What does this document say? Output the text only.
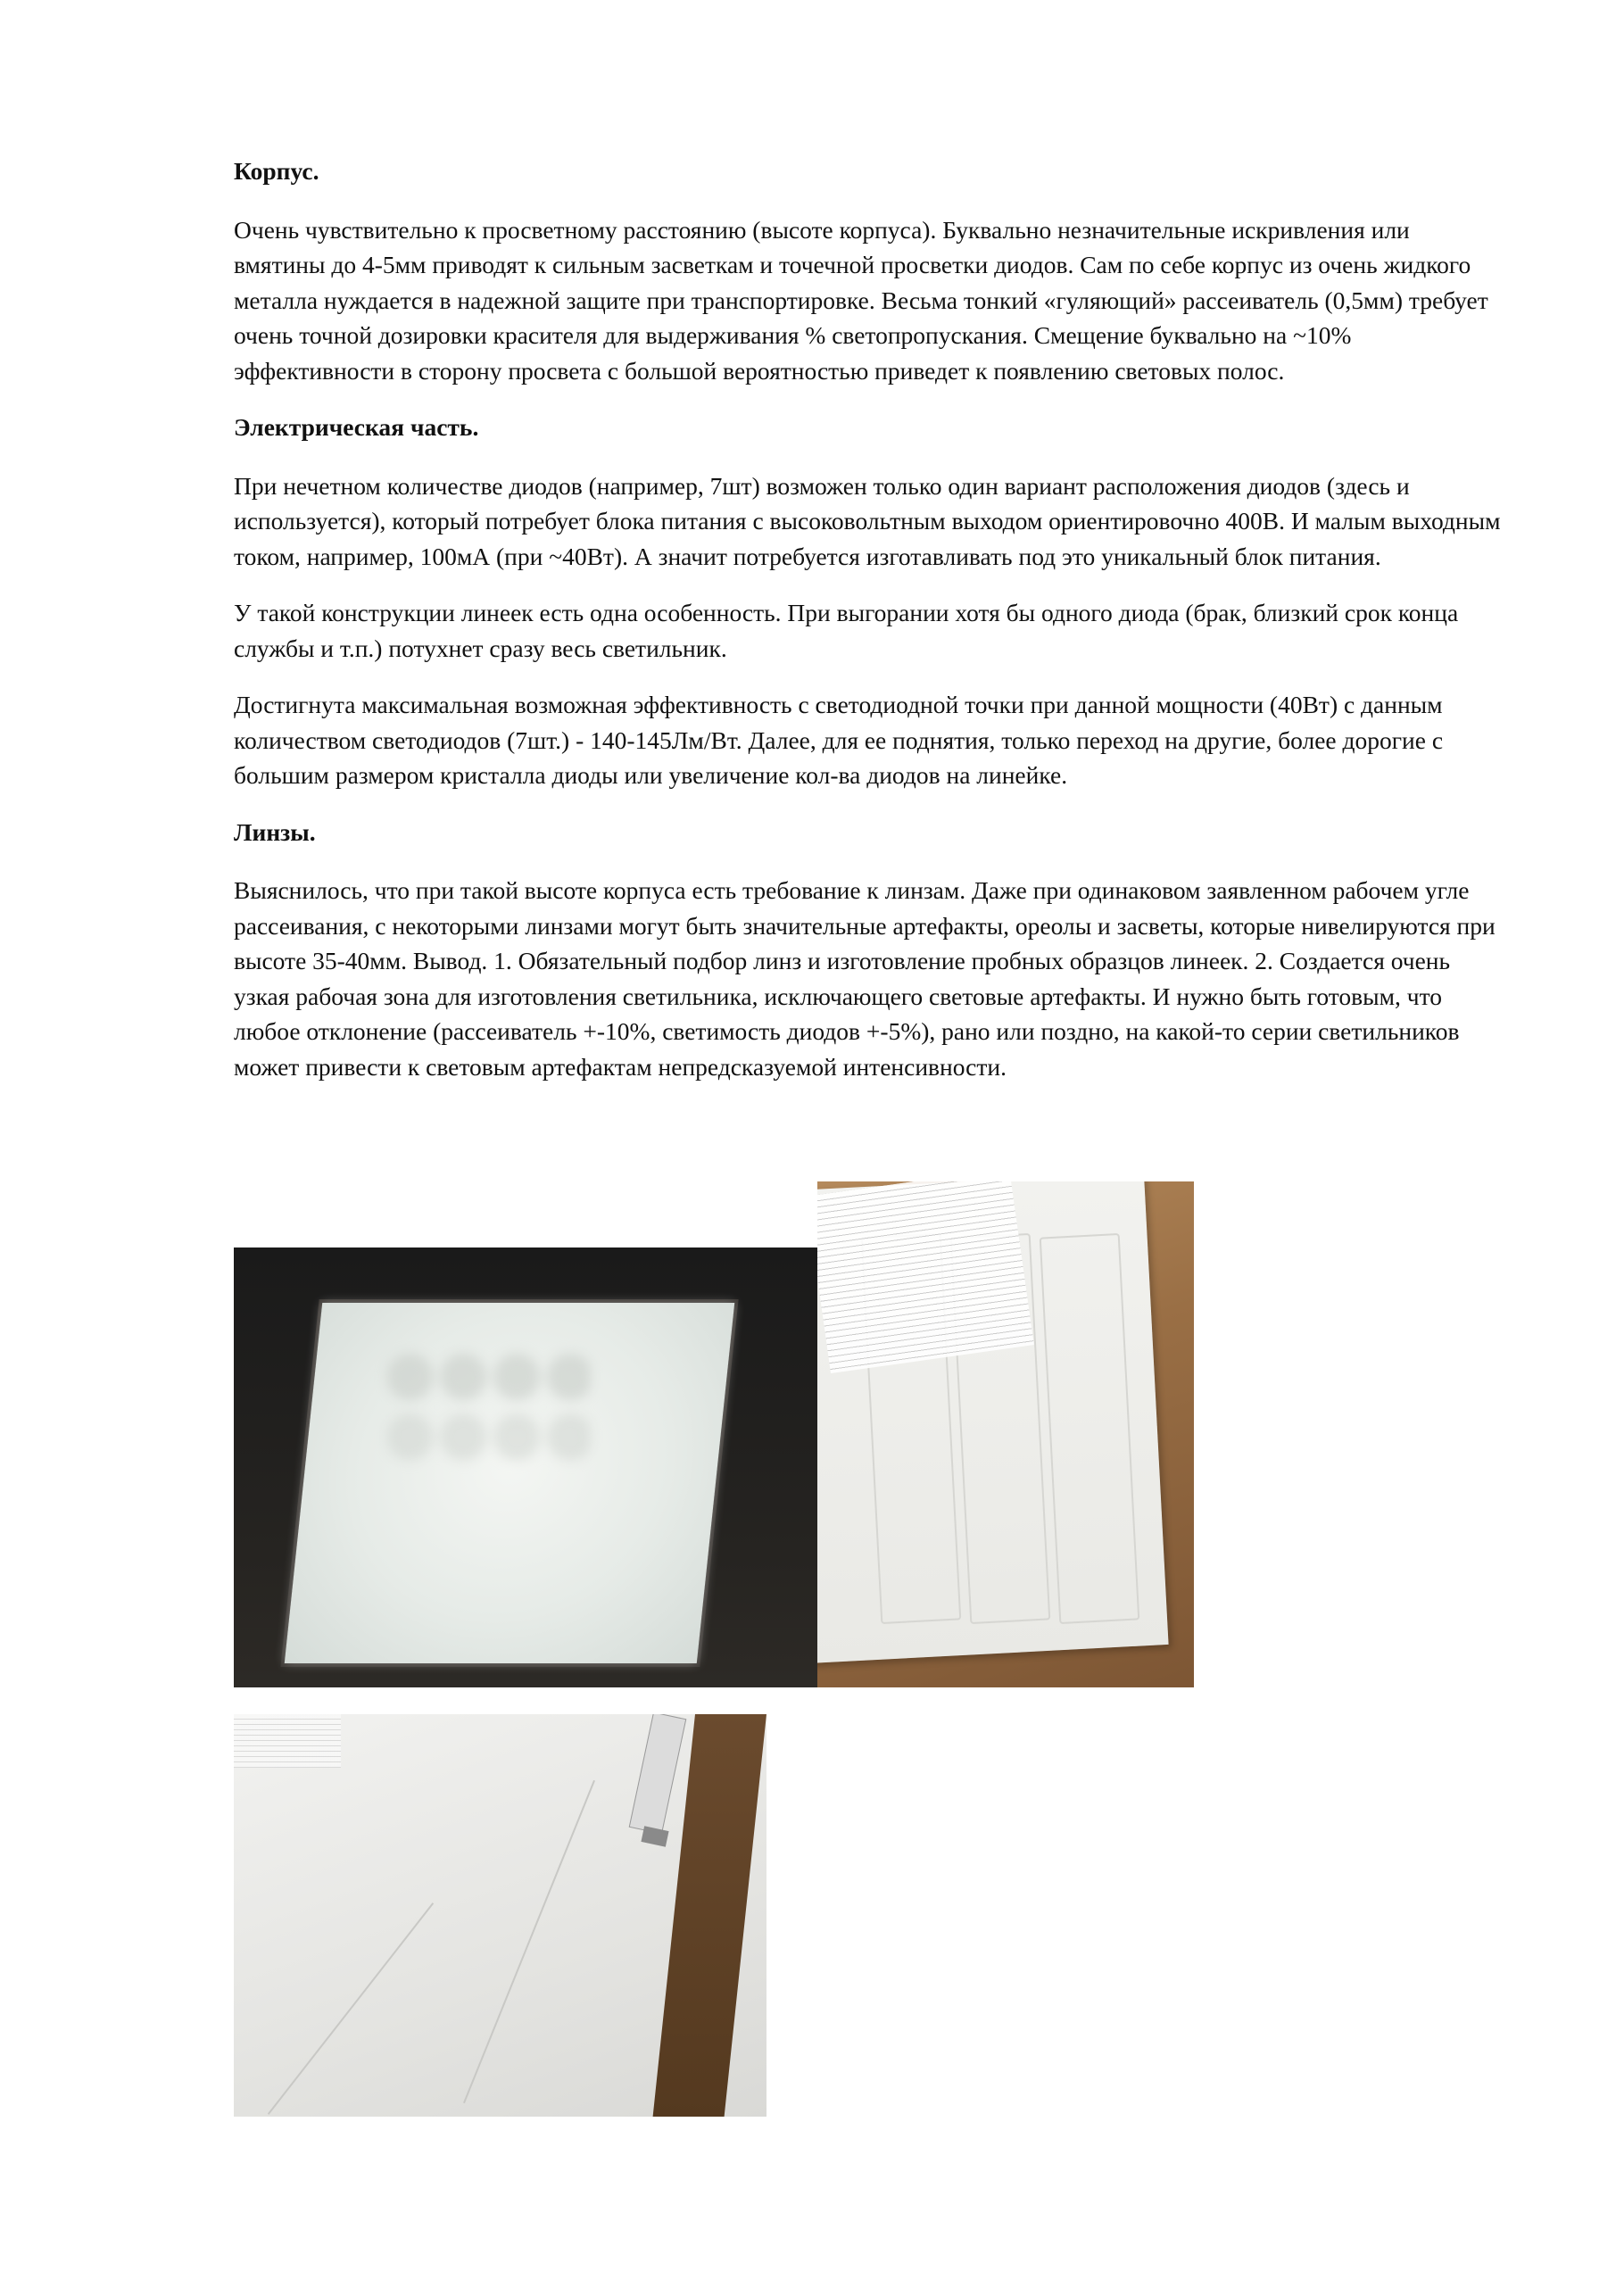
Корпус.

Очень чувствительно к просветному расстоянию (высоте корпуса). Буквально незначительные искривления или вмятины до 4-5мм приводят к сильным засветкам и точечной просветки диодов. Сам по себе корпус из очень жидкого металла нуждается в надежной защите при транспортировке. Весьма тонкий «гуляющий» рассеиватель (0,5мм) требует очень точной дозировки красителя для выдерживания % светопропускания. Смещение буквально на ~10% эффективности в сторону просвета с большой вероятностью приведет к появлению световых полос.

Электрическая часть.

При нечетном количестве диодов (например, 7шт) возможен только один вариант расположения диодов (здесь и используется), который потребует блока питания с высоковольтным выходом ориентировочно 400В. И малым выходным током, например, 100мА (при ~40Вт). А значит потребуется изготавливать под это уникальный блок питания.

У такой конструкции линеек есть одна особенность. При выгорании хотя бы одного диода (брак, близкий срок конца службы и т.п.) потухнет сразу весь светильник.

Достигнута максимальная возможная эффективность с светодиодной точки при данной мощности (40Вт) с данным количеством светодиодов (7шт.) - 140-145Лм/Вт. Далее, для ее поднятия, только переход на другие, более дорогие с большим размером кристалла диоды или увеличение кол-ва диодов на линейке.

Линзы.

Выяснилось, что при такой высоте корпуса есть требование к линзам. Даже при одинаковом заявленном рабочем угле рассеивания, с некоторыми линзами могут быть значительные артефакты, ореолы и засветы, которые нивелируются при высоте 35-40мм. Вывод. 1. Обязательный подбор линз и изготовление пробных образцов линеек. 2. Создается очень узкая рабочая зона для изготовления светильника, исключающего световые артефакты. И нужно быть готовым, что любое отклонение (рассеиватель +-10%, светимость диодов +-5%), рано или поздно, на какой-то серии светильников может привести к световым артефактам непредсказуемой интенсивности.
